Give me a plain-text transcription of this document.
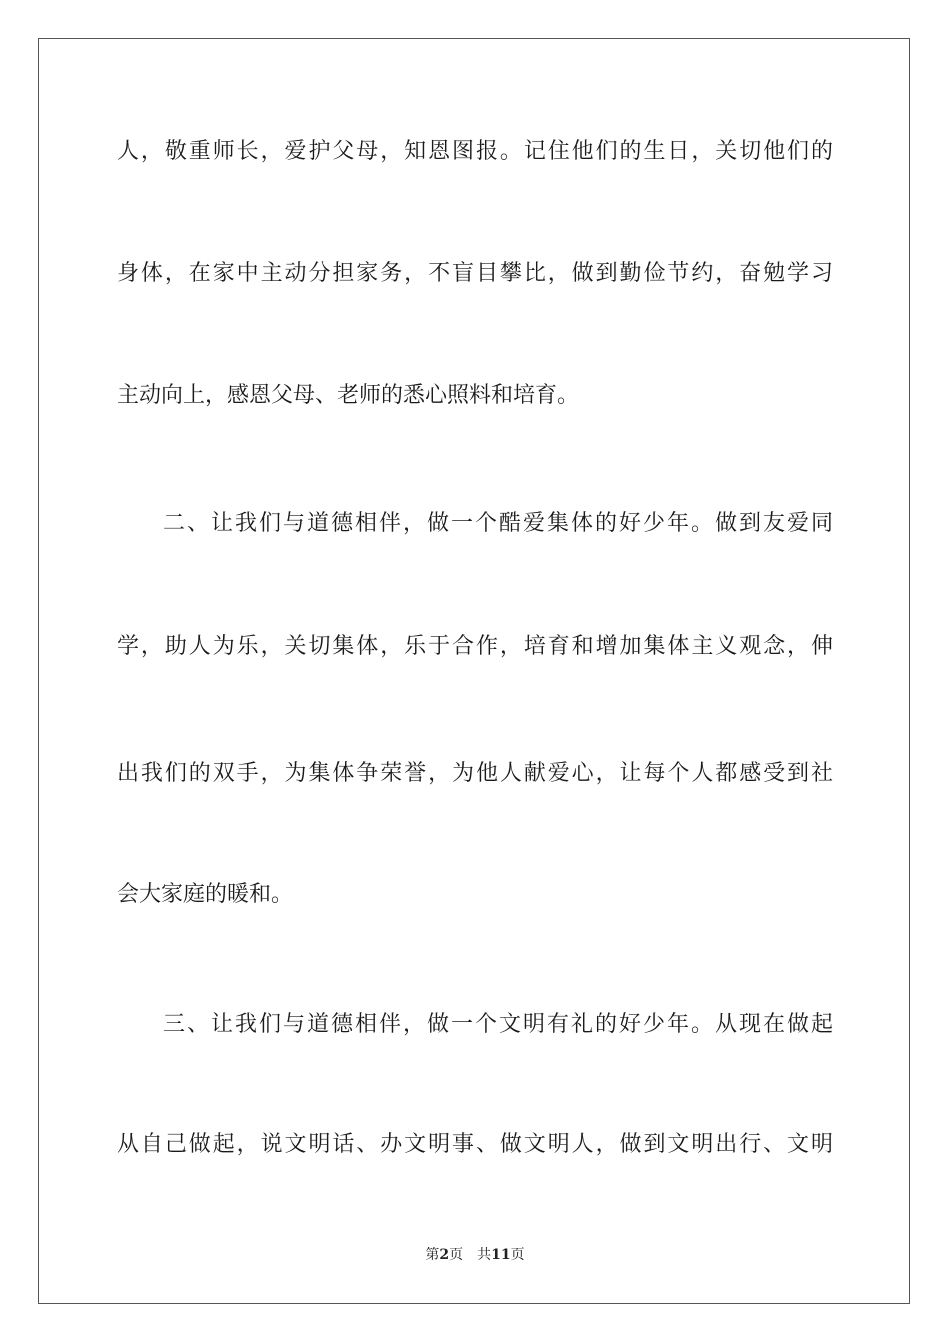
人，敬重师长，爱护父母，知恩图报。记住他们的生日，关切他们的
身体，在家中主动分担家务，不盲目攀比，做到勤俭节约，奋勉学习
主动向上，感恩父母、老师的悉心照料和培育。
二、让我们与道德相伴，做一个酷爱集体的好少年。做到友爱同
学，助人为乐，关切集体，乐于合作，培育和增加集体主义观念，伸
出我们的双手，为集体争荣誉，为他人献爱心，让每个人都感受到社
会大家庭的暖和。
三、让我们与道德相伴，做一个文明有礼的好少年。从现在做起
从自己做起，说文明话、办文明事、做文明人，做到文明出行、文明
第2页 共11页
